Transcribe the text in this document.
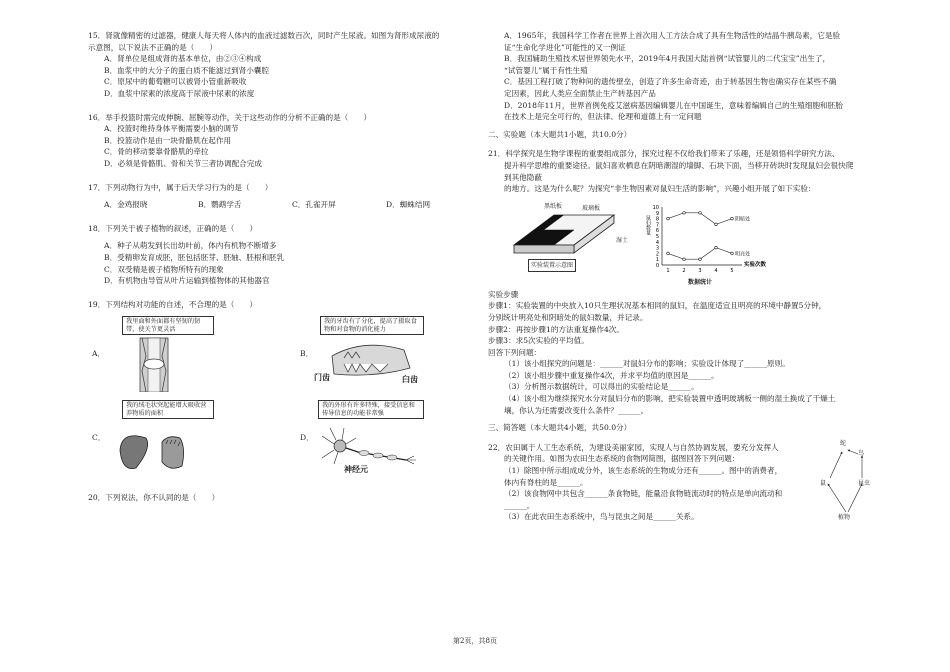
15．肾就像精密的过滤器，健康人每天将人体内的血液过滤数百次，同时产生尿液。如图为肾形成尿液的
示意图，以下说法不正确的是（　　）
A．肾单位是组成肾的基本单位，由②③④构成
B．血浆中的大分子的蛋白质不能滤过到肾小囊腔
C．原尿中的葡萄糖可以被肾小管重新吸收
D．血浆中尿素的浓度高于尿液中尿素的浓度
16．举手投篮时需完成伸腕、屈腕等动作，关于这些动作的分析不正确的是（　　）
A．投篮时维持身体平衡需要小脑的调节
B．投篮动作是由一块骨骼肌在起作用
C．骨的移动要靠骨骼肌的牵拉
D．必须是骨骼肌、骨和关节三者协调配合完成
17．下列动物行为中，属于后天学习行为的是（　　）
A．金鸡报晓	B．鹦鹉学舌	C．孔雀开屏	D．蜘蛛结网
18．下列关于被子植物的叙述，正确的是（　　）
A．种子从萌发到长出幼叶前，体内有机物不断增多
B．受精卵发育成胚，胚包括胚芽、胚轴、胚根和胚乳
C．双受精是被子植物所特有的现象
D．有机物由导管从叶片运输到植物体的其他器官
19．下列结构对功能的自述，不合理的是（　　）
A．
我里面和外面都有坚韧的韧带，使关节更灵活
B．
我的牙齿有了分化，提高了摄取食物和对食物的消化能力
门齿	臼齿
C．
我的绒毛状突起能增大吸收营养物质的面积
D．
我的外形有许多特殊，接受信息和传导信息的功能非常强
神经元
20．下列说法，你不认同的是（　　）
A．1965年，我国科学工作者在世界上首次用人工方法合成了具有生物活性的结晶牛胰岛素，它是验
证“生命化学进化”可能性的又一例证
B．我国辅助生殖技术居世界领先水平，2019年4月我国大陆首例“试管婴儿的二代宝宝”出生了，
“试管婴儿”属于有性生殖
C．基因工程打破了物种间的遗传壁垒，创造了许多生命奇迹，由于转基因生物也确实存在某些不确
定因素，因此人类应全面禁止生产转基因产品
D．2018年11月，世界首例免疫艾滋病基因编辑婴儿在中国诞生，意味着编辑自己的生殖细胞和胚胎
在技术上是完全可行的，但法律、伦理和道德上有一定问题
二、实验题（本大题共1小题，共10.0分）
21．科学探究是生物学课程的重要组成部分，探究过程不仅给我们带来了乐趣，还是领悟科学研究方法、
提升科学思维的重要途径。鼠妇喜欢栖息在阴暗潮湿的墙脚、石块下面，当移开砖块时发现鼠妇会很快爬到其他隐蔽
的地方。这是为什么呢？为探究“非生物因素对鼠妇生活的影响”，兴趣小组开展了如下实验：
黑纸板	玻璃板
湿土
实验装置示意图
10
9
8
7
6
5
4
3
2
1
0
1	2	3	4	5
鼠妇数量
实验次数
阴暗处
明亮处
数据统计
实验步骤
步骤1：实验装置的中央放入10只生理状况基本相同的鼠妇，在温度适宜且明亮的环境中静置5分钟，
分别统计明亮处和阴暗处的鼠妇数量，并记录。
步骤2：再按步骤1的方法重复操作4次。
步骤3：求5次实验的平均值。
回答下列问题：
（1）该小组探究的问题是：______对鼠妇分布的影响；实验设计体现了______原则。
（2）该小组步骤中重复操作4次，并求平均值的原因是______。
（3）分析图示数据统计，可以得出的实验结论是______。
（4）该小组为继续探究水分对鼠妇分布的影响，把实验装置中透明玻璃板一侧的湿土换成了干燥土
壤，你认为还需要改变什么条件？______。
三、简答题（本大题共4小题，共50.0分）
22．农田属于人工生态系统，为建设美丽家园，实现人与自然协调发展，要充分发挥人
的关键作用。如图为农田生态系统的食物网简图，据图回答下列问题：
（1）除图中所示组成成分外，该生态系统的生物成分还有______。图中的消费者，
体内有脊柱的是______。
（2）该食物网中共包含______条食物链，能量沿食物链流动时的特点是单向流动和
______。
（3）在此农田生态系统中，鸟与昆虫之间是______关系。
蛇
鸟
鼠	昆虫
植物
第2页，共8页
